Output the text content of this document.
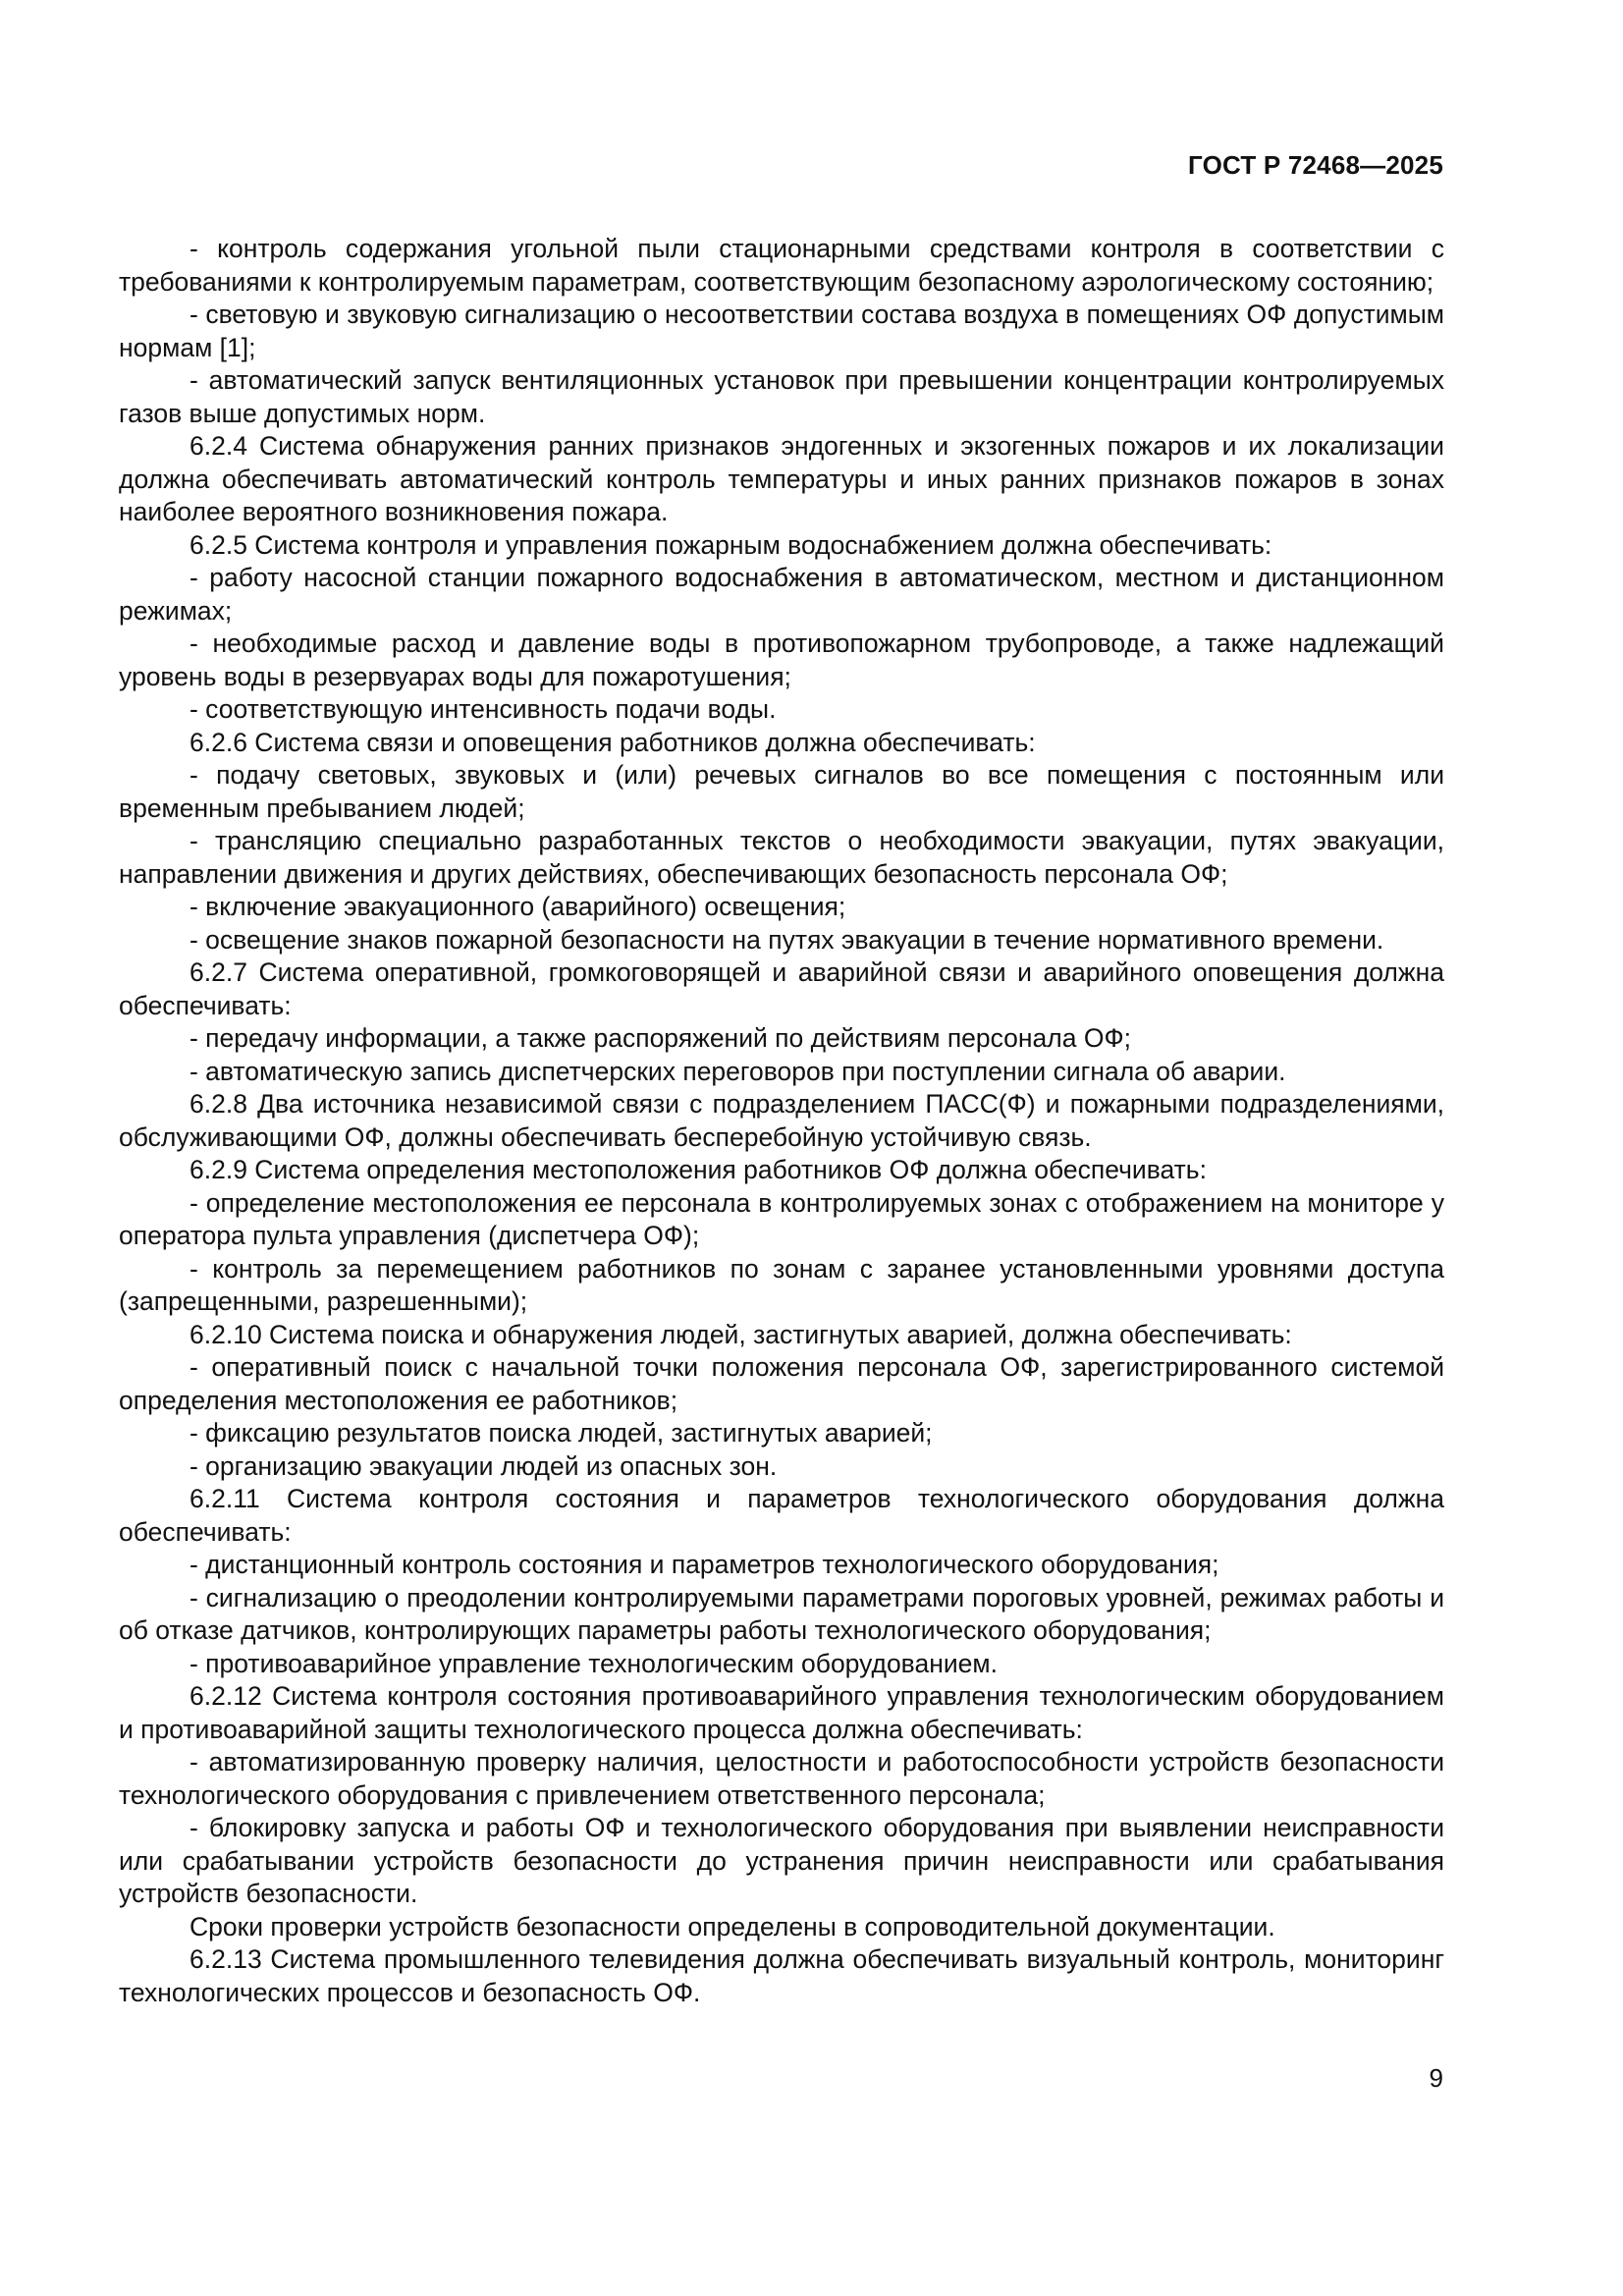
ГОСТ Р 72468—2025

- контроль содержания угольной пыли стационарными средствами контроля в соответствии с требованиями к контролируемым параметрам, соответствующим безопасному аэрологическому состоянию;

- световую и звуковую сигнализацию о несоответствии состава воздуха в помещениях ОФ допустимым нормам [1];

- автоматический запуск вентиляционных установок при превышении концентрации контролируемых газов выше допустимых норм.

6.2.4 Система обнаружения ранних признаков эндогенных и экзогенных пожаров и их локализации должна обеспечивать автоматический контроль температуры и иных ранних признаков пожаров в зонах наиболее вероятного возникновения пожара.

6.2.5 Система контроля и управления пожарным водоснабжением должна обеспечивать:

- работу насосной станции пожарного водоснабжения в автоматическом, местном и дистанционном режимах;

- необходимые расход и давление воды в противопожарном трубопроводе, а также надлежащий уровень воды в резервуарах воды для пожаротушения;

- соответствующую интенсивность подачи воды.

6.2.6 Система связи и оповещения работников должна обеспечивать:

- подачу световых, звуковых и (или) речевых сигналов во все помещения с постоянным или временным пребыванием людей;

- трансляцию специально разработанных текстов о необходимости эвакуации, путях эвакуации, направлении движения и других действиях, обеспечивающих безопасность персонала ОФ;

- включение эвакуационного (аварийного) освещения;

- освещение знаков пожарной безопасности на путях эвакуации в течение нормативного времени.

6.2.7 Система оперативной, громкоговорящей и аварийной связи и аварийного оповещения должна обеспечивать:

- передачу информации, а также распоряжений по действиям персонала ОФ;

- автоматическую запись диспетчерских переговоров при поступлении сигнала об аварии.

6.2.8 Два источника независимой связи с подразделением ПАСС(Ф) и пожарными подразделениями, обслуживающими ОФ, должны обеспечивать бесперебойную устойчивую связь.

6.2.9 Система определения местоположения работников ОФ должна обеспечивать:

- определение местоположения ее персонала в контролируемых зонах с отображением на мониторе у оператора пульта управления (диспетчера ОФ);

- контроль за перемещением работников по зонам с заранее установленными уровнями доступа (запрещенными, разрешенными);

6.2.10 Система поиска и обнаружения людей, застигнутых аварией, должна обеспечивать:

- оперативный поиск с начальной точки положения персонала ОФ, зарегистрированного системой определения местоположения ее работников;

- фиксацию результатов поиска людей, застигнутых аварией;

- организацию эвакуации людей из опасных зон.

6.2.11 Система контроля состояния и параметров технологического оборудования должна обеспечивать:

- дистанционный контроль состояния и параметров технологического оборудования;

- сигнализацию о преодолении контролируемыми параметрами пороговых уровней, режимах работы и об отказе датчиков, контролирующих параметры работы технологического оборудования;

- противоаварийное управление технологическим оборудованием.

6.2.12 Система контроля состояния противоаварийного управления технологическим оборудованием и противоаварийной защиты технологического процесса должна обеспечивать:

- автоматизированную проверку наличия, целостности и работоспособности устройств безопасности технологического оборудования с привлечением ответственного персонала;

- блокировку запуска и работы ОФ и технологического оборудования при выявлении неисправности или срабатывании устройств безопасности до устранения причин неисправности или срабатывания устройств безопасности.

Сроки проверки устройств безопасности определены в сопроводительной документации.

6.2.13 Система промышленного телевидения должна обеспечивать визуальный контроль, мониторинг технологических процессов и безопасность ОФ.

9
